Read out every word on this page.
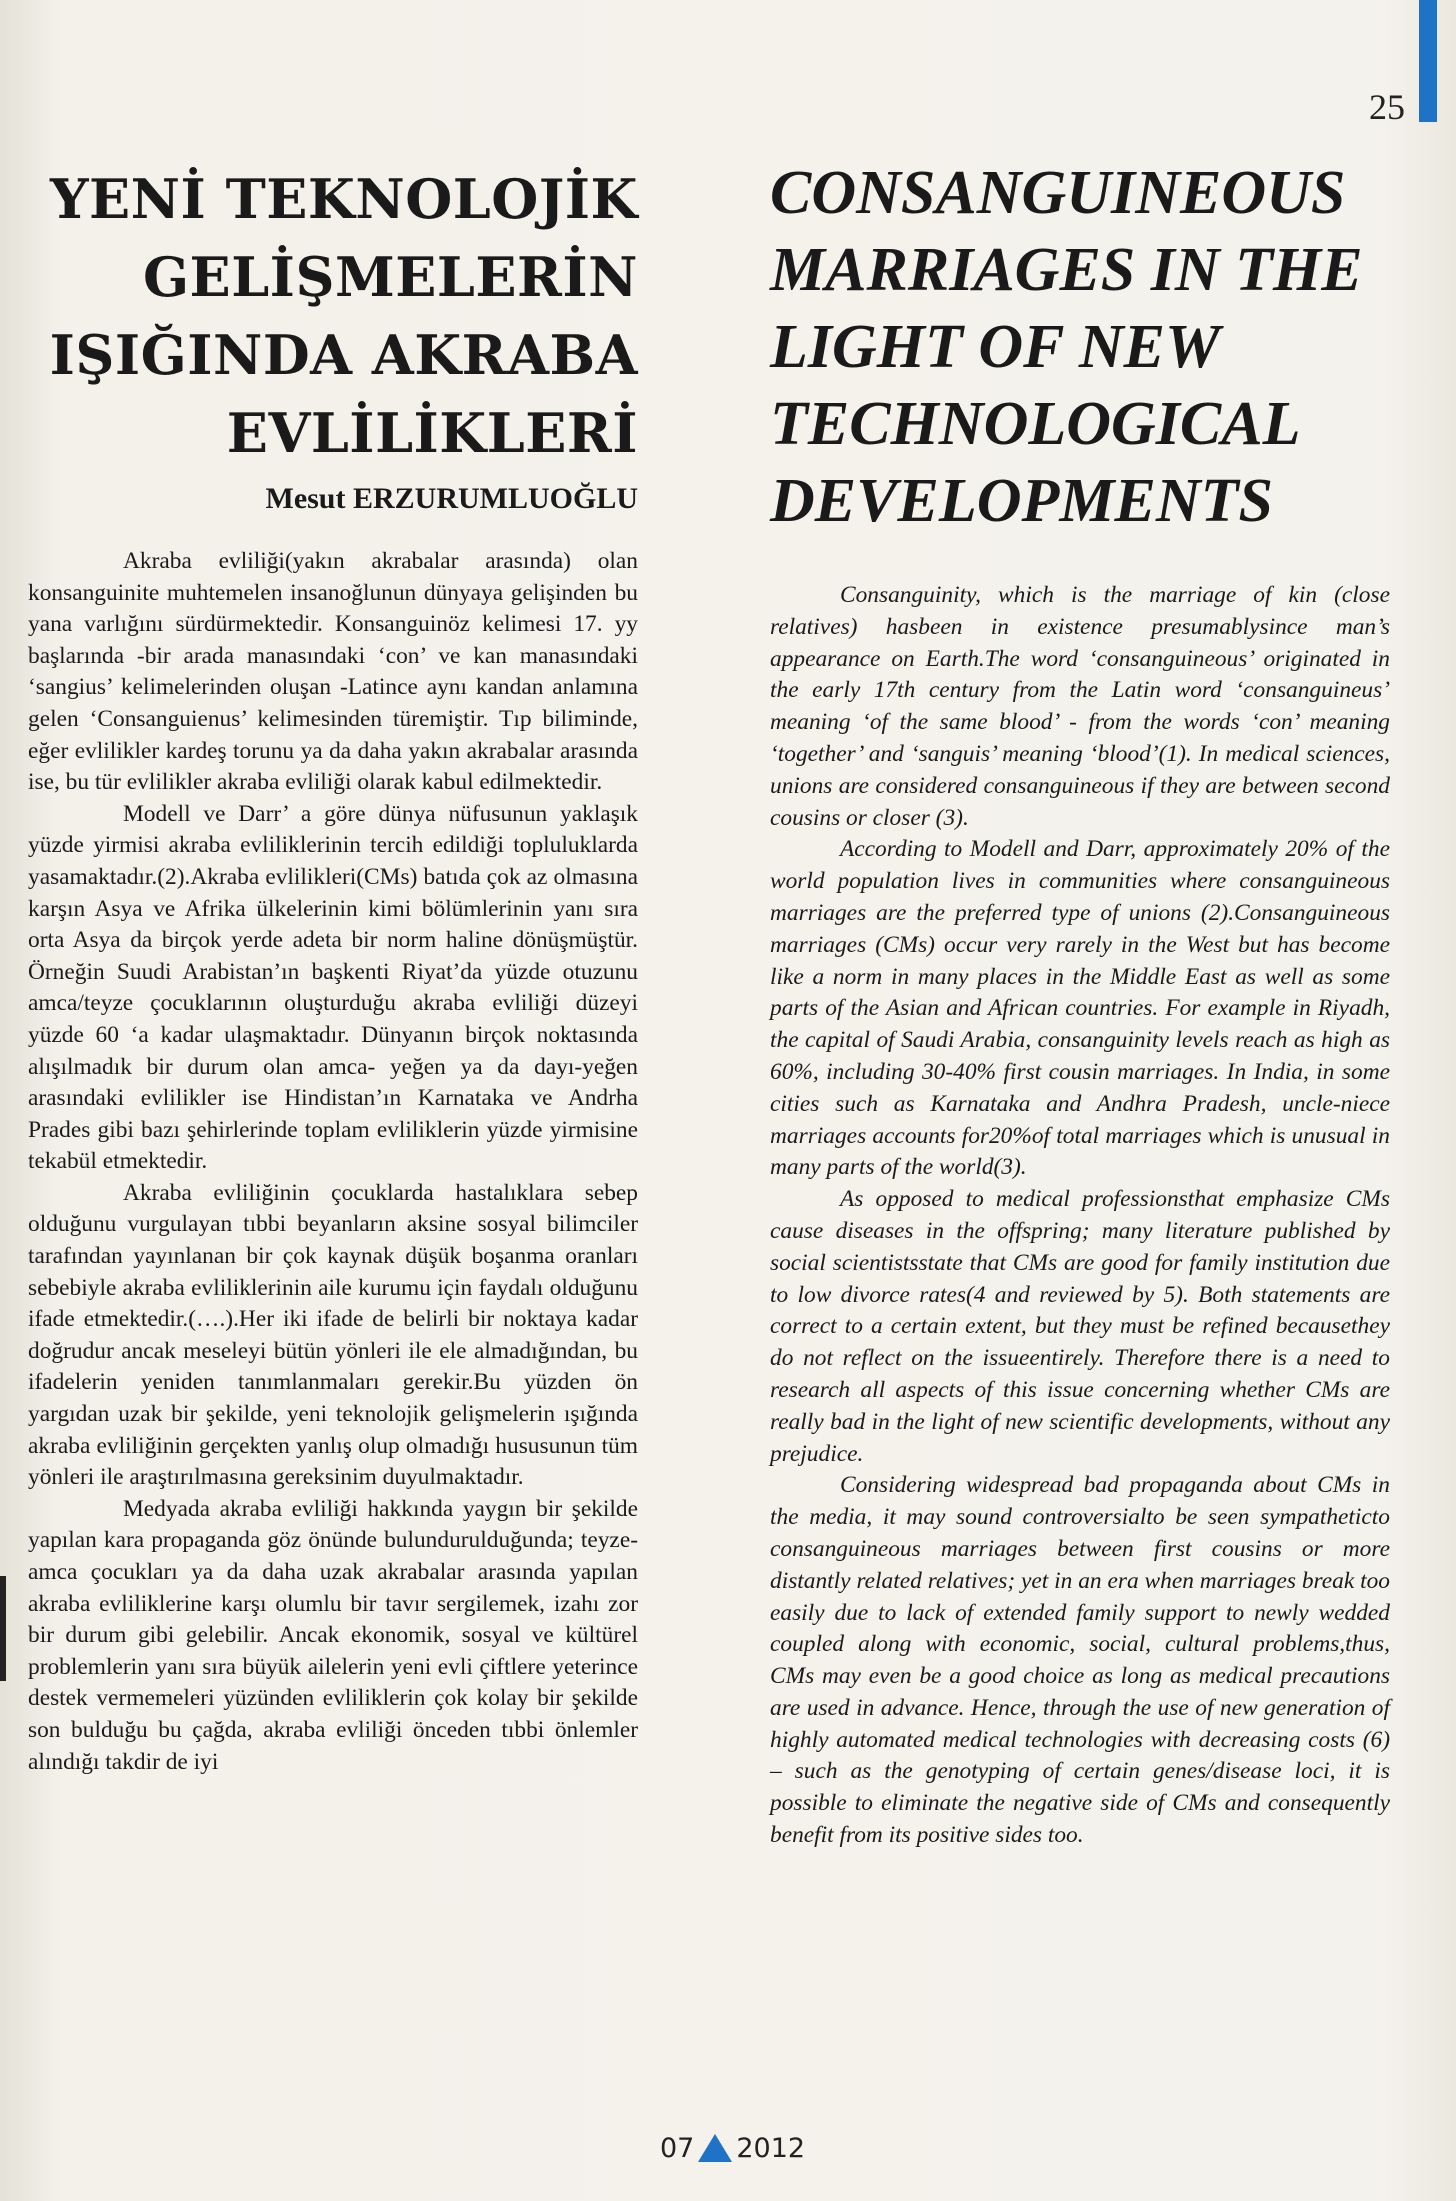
25
YENİ TEKNOLOJİK
GELİŞMELERİN
IŞIĞINDA AKRABA
EVLİLİKLERİ
Mesut ERZURUMLUOĞLU

Akraba evliliği(yakın akrabalar arasında) olan konsanguinite muhtemelen insanoğlunun dünyaya gelişinden bu yana varlığını sürdürmektedir. Konsanguinöz kelimesi 17. yy başlarında -bir arada manasındaki ‘con’ ve kan manasındaki ‘sangius’ kelimelerinden oluşan -Latince aynı kandan anlamına gelen ‘Consanguienus’ kelimesinden türemiştir. Tıp biliminde, eğer evlilikler kardeş torunu ya da daha yakın akrabalar arasında ise, bu tür evlilikler akraba evliliği olarak kabul edilmektedir.

Modell ve Darr’ a göre dünya nüfusunun yaklaşık yüzde yirmisi akraba evliliklerinin tercih edildiği topluluklarda yasamaktadır.(2).Akraba evlilikleri(CMs) batıda çok az olmasına karşın Asya ve Afrika ülkelerinin kimi bölümlerinin yanı sıra orta Asya da birçok yerde adeta bir norm haline dönüşmüştür. Örneğin Suudi Arabistan’ın başkenti Riyat’da yüzde otuzunu amca/teyze çocuklarının oluşturduğu akraba evliliği düzeyi yüzde 60 ‘a kadar ulaşmaktadır. Dünyanın birçok noktasında alışılmadık bir durum olan amca- yeğen ya da dayı-yeğen arasındaki evlilikler ise Hindistan’ın Karnataka ve Andrha Prades gibi bazı şehirlerinde toplam evliliklerin yüzde yirmisine tekabül etmektedir.

Akraba evliliğinin çocuklarda hastalıklara sebep olduğunu vurgulayan tıbbi beyanların aksine sosyal bilimciler tarafından yayınlanan bir çok kaynak düşük boşanma oranları sebebiyle akraba evliliklerinin aile kurumu için faydalı olduğunu ifade etmektedir.(….).Her iki ifade de belirli bir noktaya kadar doğrudur ancak meseleyi bütün yönleri ile ele almadığından, bu ifadelerin yeniden tanımlanmaları gerekir.Bu yüzden ön yargıdan uzak bir şekilde, yeni teknolojik gelişmelerin ışığında akraba evliliğinin gerçekten yanlış olup olmadığı hususunun tüm yönleri ile araştırılmasına gereksinim duyulmaktadır.

Medyada akraba evliliği hakkında yaygın bir şekilde yapılan kara propaganda göz önünde bulundurulduğunda; teyze- amca çocukları ya da daha uzak akrabalar arasında yapılan akraba evliliklerine karşı olumlu bir tavır sergilemek, izahı zor bir durum gibi gelebilir. Ancak ekonomik, sosyal ve kültürel problemlerin yanı sıra büyük ailelerin yeni evli çiftlere yeterince destek vermemeleri yüzünden evliliklerin çok kolay bir şekilde son bulduğu bu çağda, akraba evliliği önceden tıbbi önlemler alındığı takdir de iyi

CONSANGUINEOUS
MARRIAGES IN THE
LIGHT OF NEW
TECHNOLOGICAL
DEVELOPMENTS

Consanguinity, which is the marriage of kin (close relatives) hasbeen in existence presumablysince man’s appearance on Earth.The word ‘consanguineous’ originated in the early 17th century from the Latin word ‘consanguineus’ meaning ‘of the same blood’ - from the words ‘con’ meaning ‘together’ and ‘sanguis’ meaning ‘blood’(1). In medical sciences, unions are considered consanguineous if they are between second cousins or closer (3).

According to Modell and Darr, approximately 20% of the world population lives in communities where consanguineous marriages are the preferred type of unions (2).Consanguineous marriages (CMs) occur very rarely in the West but has become like a norm in many places in the Middle East as well as some parts of the Asian and African countries. For example in Riyadh, the capital of Saudi Arabia, consanguinity levels reach as high as 60%, including 30-40% first cousin marriages. In India, in some cities such as Karnataka and Andhra Pradesh, uncle-niece marriages accounts for20%of total marriages which is unusual in many parts of the world(3).

As opposed to medical professionsthat emphasize CMs cause diseases in the offspring; many literature published by social scientistsstate that CMs are good for family institution due to low divorce rates(4 and reviewed by 5). Both statements are correct to a certain extent, but they must be refined becausethey do not reflect on the issueentirely. Therefore there is a need to research all aspects of this issue concerning whether CMs are really bad in the light of new scientific developments, without any prejudice.

Considering widespread bad propaganda about CMs in the media, it may sound controversialto be seen sympatheticto consanguineous marriages between first cousins or more distantly related relatives; yet in an era when marriages break too easily due to lack of extended family support to newly wedded coupled along with economic, social, cultural problems,thus, CMs may even be a good choice as long as medical precautions are used in advance. Hence, through the use of new generation of highly automated medical technologies with decreasing costs (6) – such as the genotyping of certain genes/disease loci, it is possible to eliminate the negative side of CMs and consequently benefit from its positive sides too.

07 2012
